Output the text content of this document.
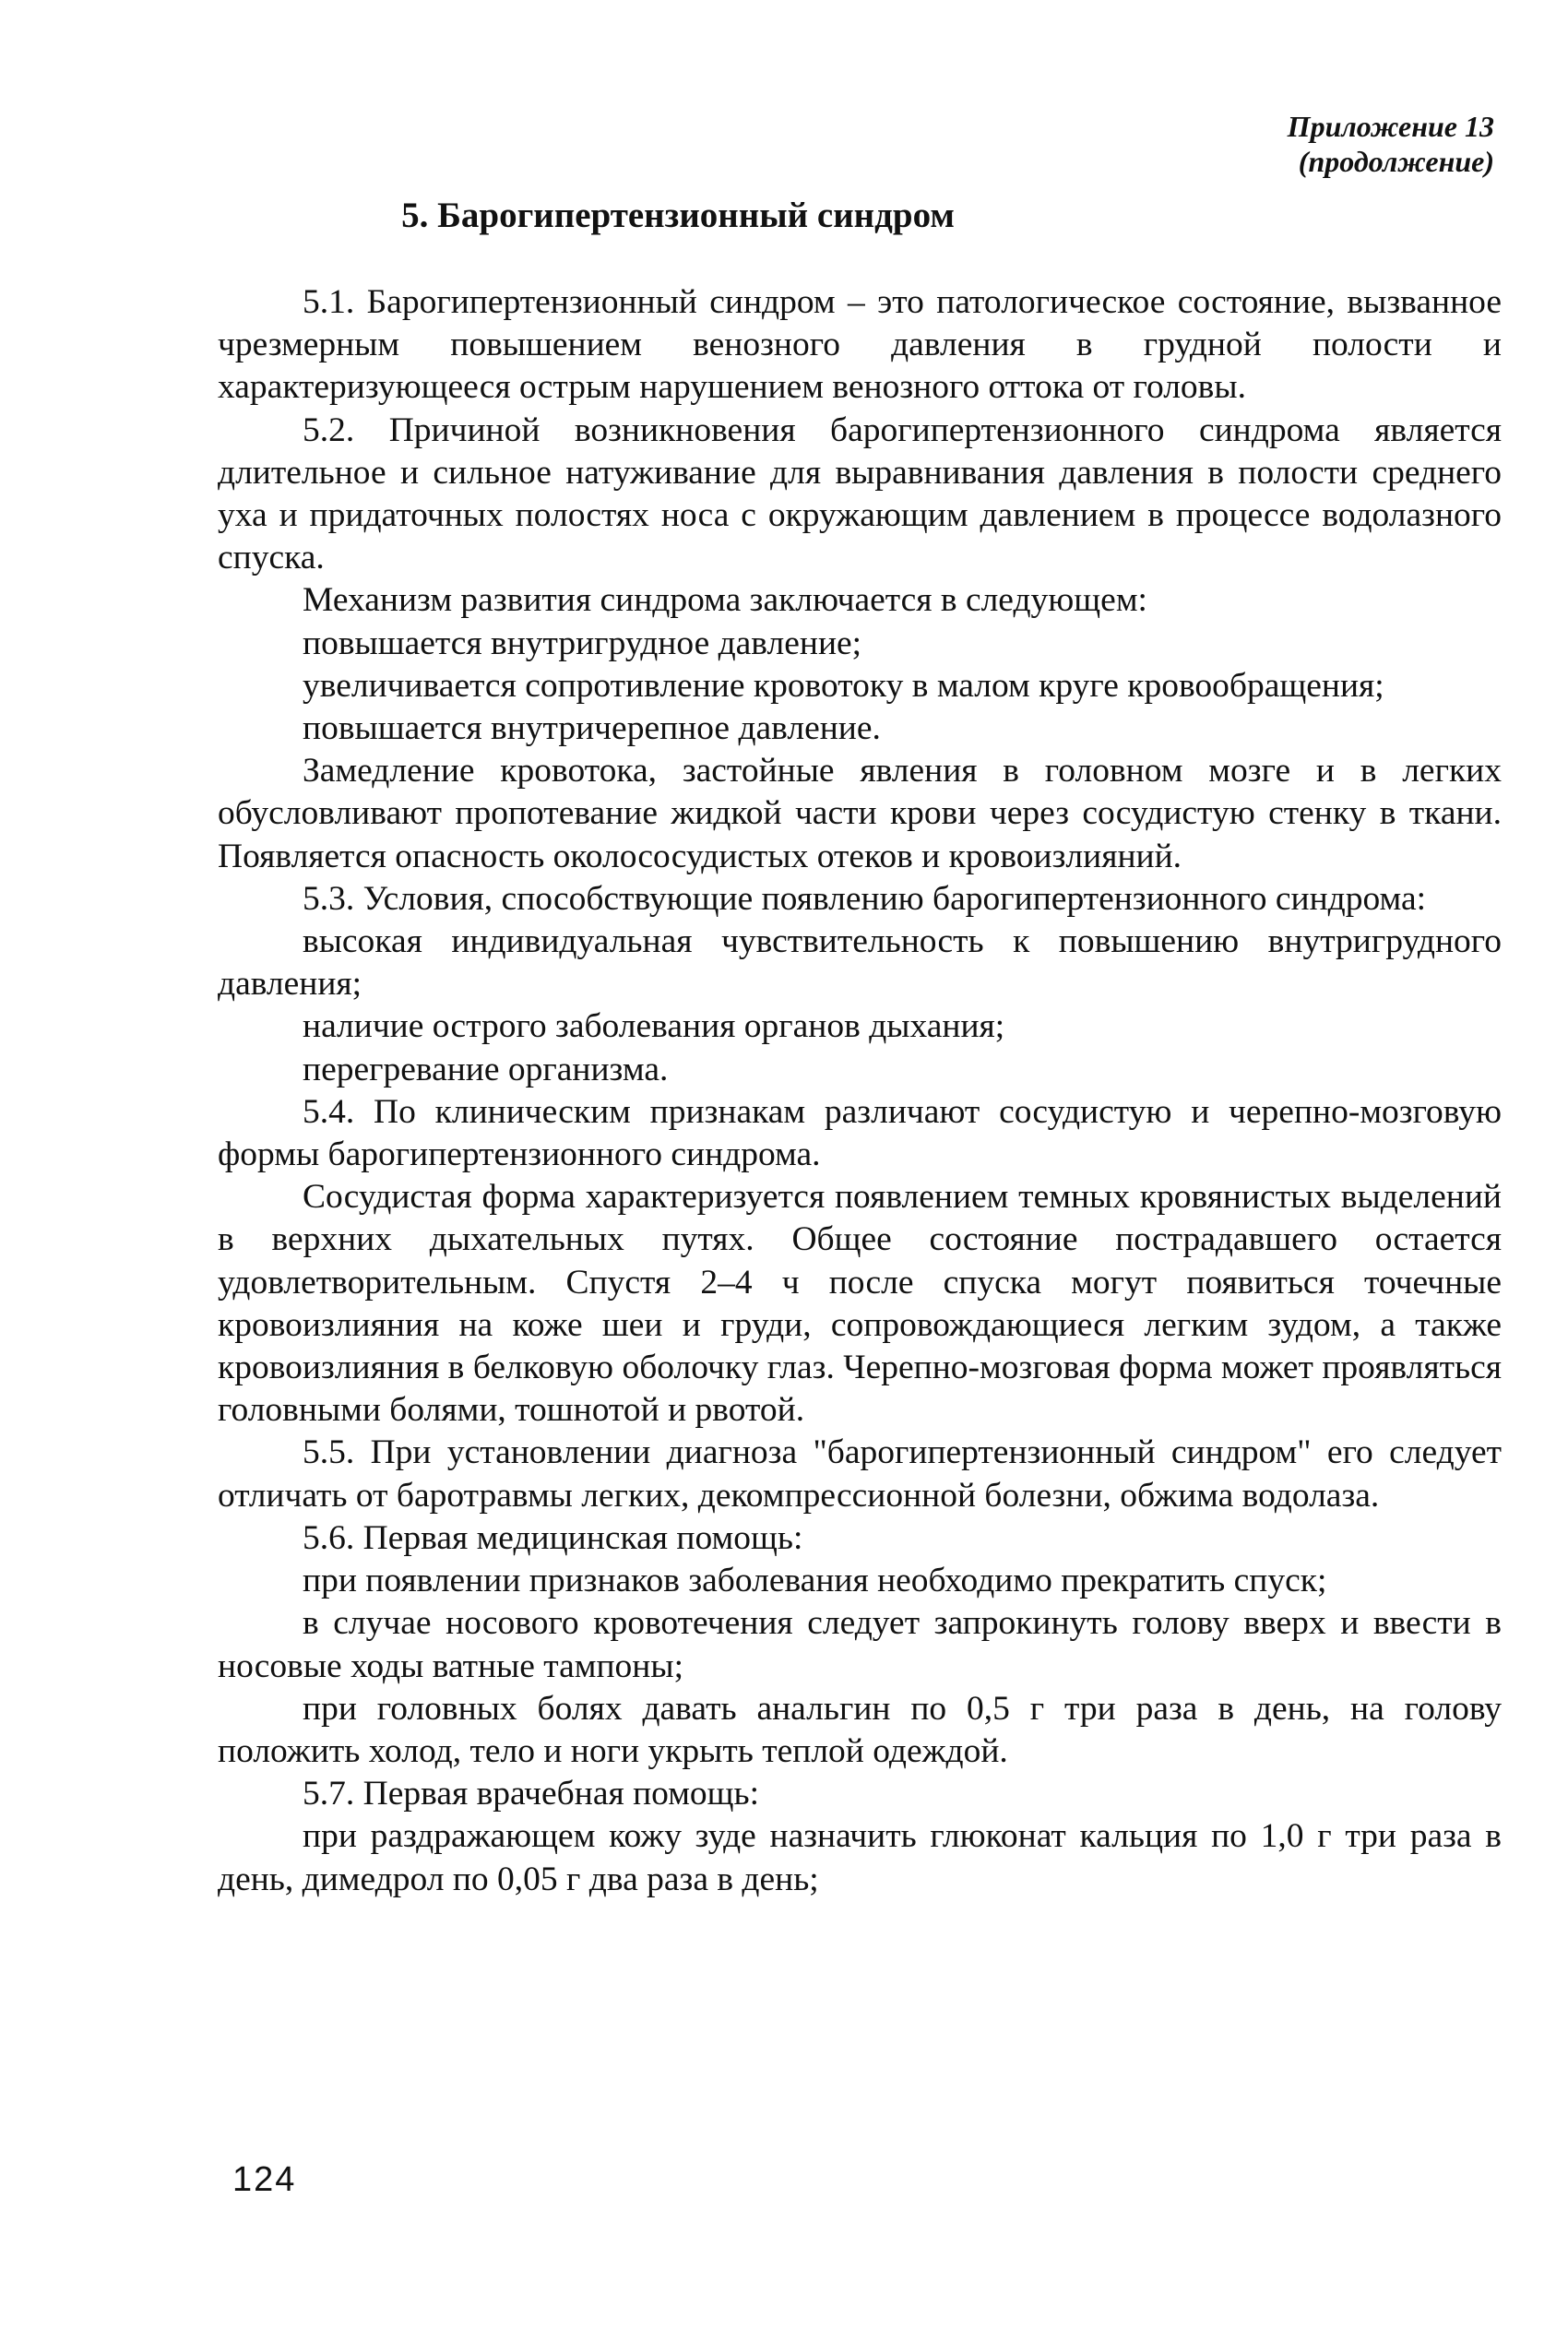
Приложение 13
(продолжение)
5. Барогипертензионный синдром

5.1. Барогипертензионный синдром – это патологическое состояние, вызванное чрезмерным повышением венозного давления в грудной полости и характеризующееся острым нарушением венозного оттока от головы.

5.2. Причиной возникновения барогипертензионного синдрома является длительное и сильное натуживание для выравнивания давления в полости среднего уха и придаточных полостях носа с окружающим давлением в процессе водолазного спуска.

Механизм развития синдрома заключается в следующем:

повышается внутригрудное давление;

увеличивается сопротивление кровотоку в малом круге кровообращения;

повышается внутричерепное давление.

Замедление кровотока, застойные явления в головном мозге и в легких обусловливают пропотевание жидкой части крови через сосудистую стенку в ткани. Появляется опасность околососудистых отеков и кровоизлияний.

5.3. Условия, способствующие появлению барогипертензионного синдрома:

высокая индивидуальная чувствительность к повышению внутригрудного давления;

наличие острого заболевания органов дыхания;

перегревание организма.

5.4. По клиническим признакам различают сосудистую и черепно-мозговую формы барогипертензионного синдрома.

Сосудистая форма характеризуется появлением темных кровянистых выделений в верхних дыхательных путях. Общее состояние пострадавшего остается удовлетворительным. Спустя 2–4 ч после спуска могут появиться точечные кровоизлияния на коже шеи и груди, сопровождающиеся легким зудом, а также кровоизлияния в белковую оболочку глаз. Черепно-мозговая форма может проявляться головными болями, тошнотой и рвотой.

5.5. При установлении диагноза "барогипертензионный синдром" его следует отличать от баротравмы легких, декомпрессионной болезни, обжима водолаза.

5.6. Первая медицинская помощь:

при появлении признаков заболевания необходимо прекратить спуск;

в случае носового кровотечения следует запрокинуть голову вверх и ввести в носовые ходы ватные тампоны;

при головных болях давать анальгин по 0,5 г три раза в день, на голову положить холод, тело и ноги укрыть теплой одеждой.

5.7. Первая врачебная помощь:

при раздражающем кожу зуде назначить глюконат кальция по 1,0 г три раза в день, димедрол по 0,05 г два раза в день;

124
